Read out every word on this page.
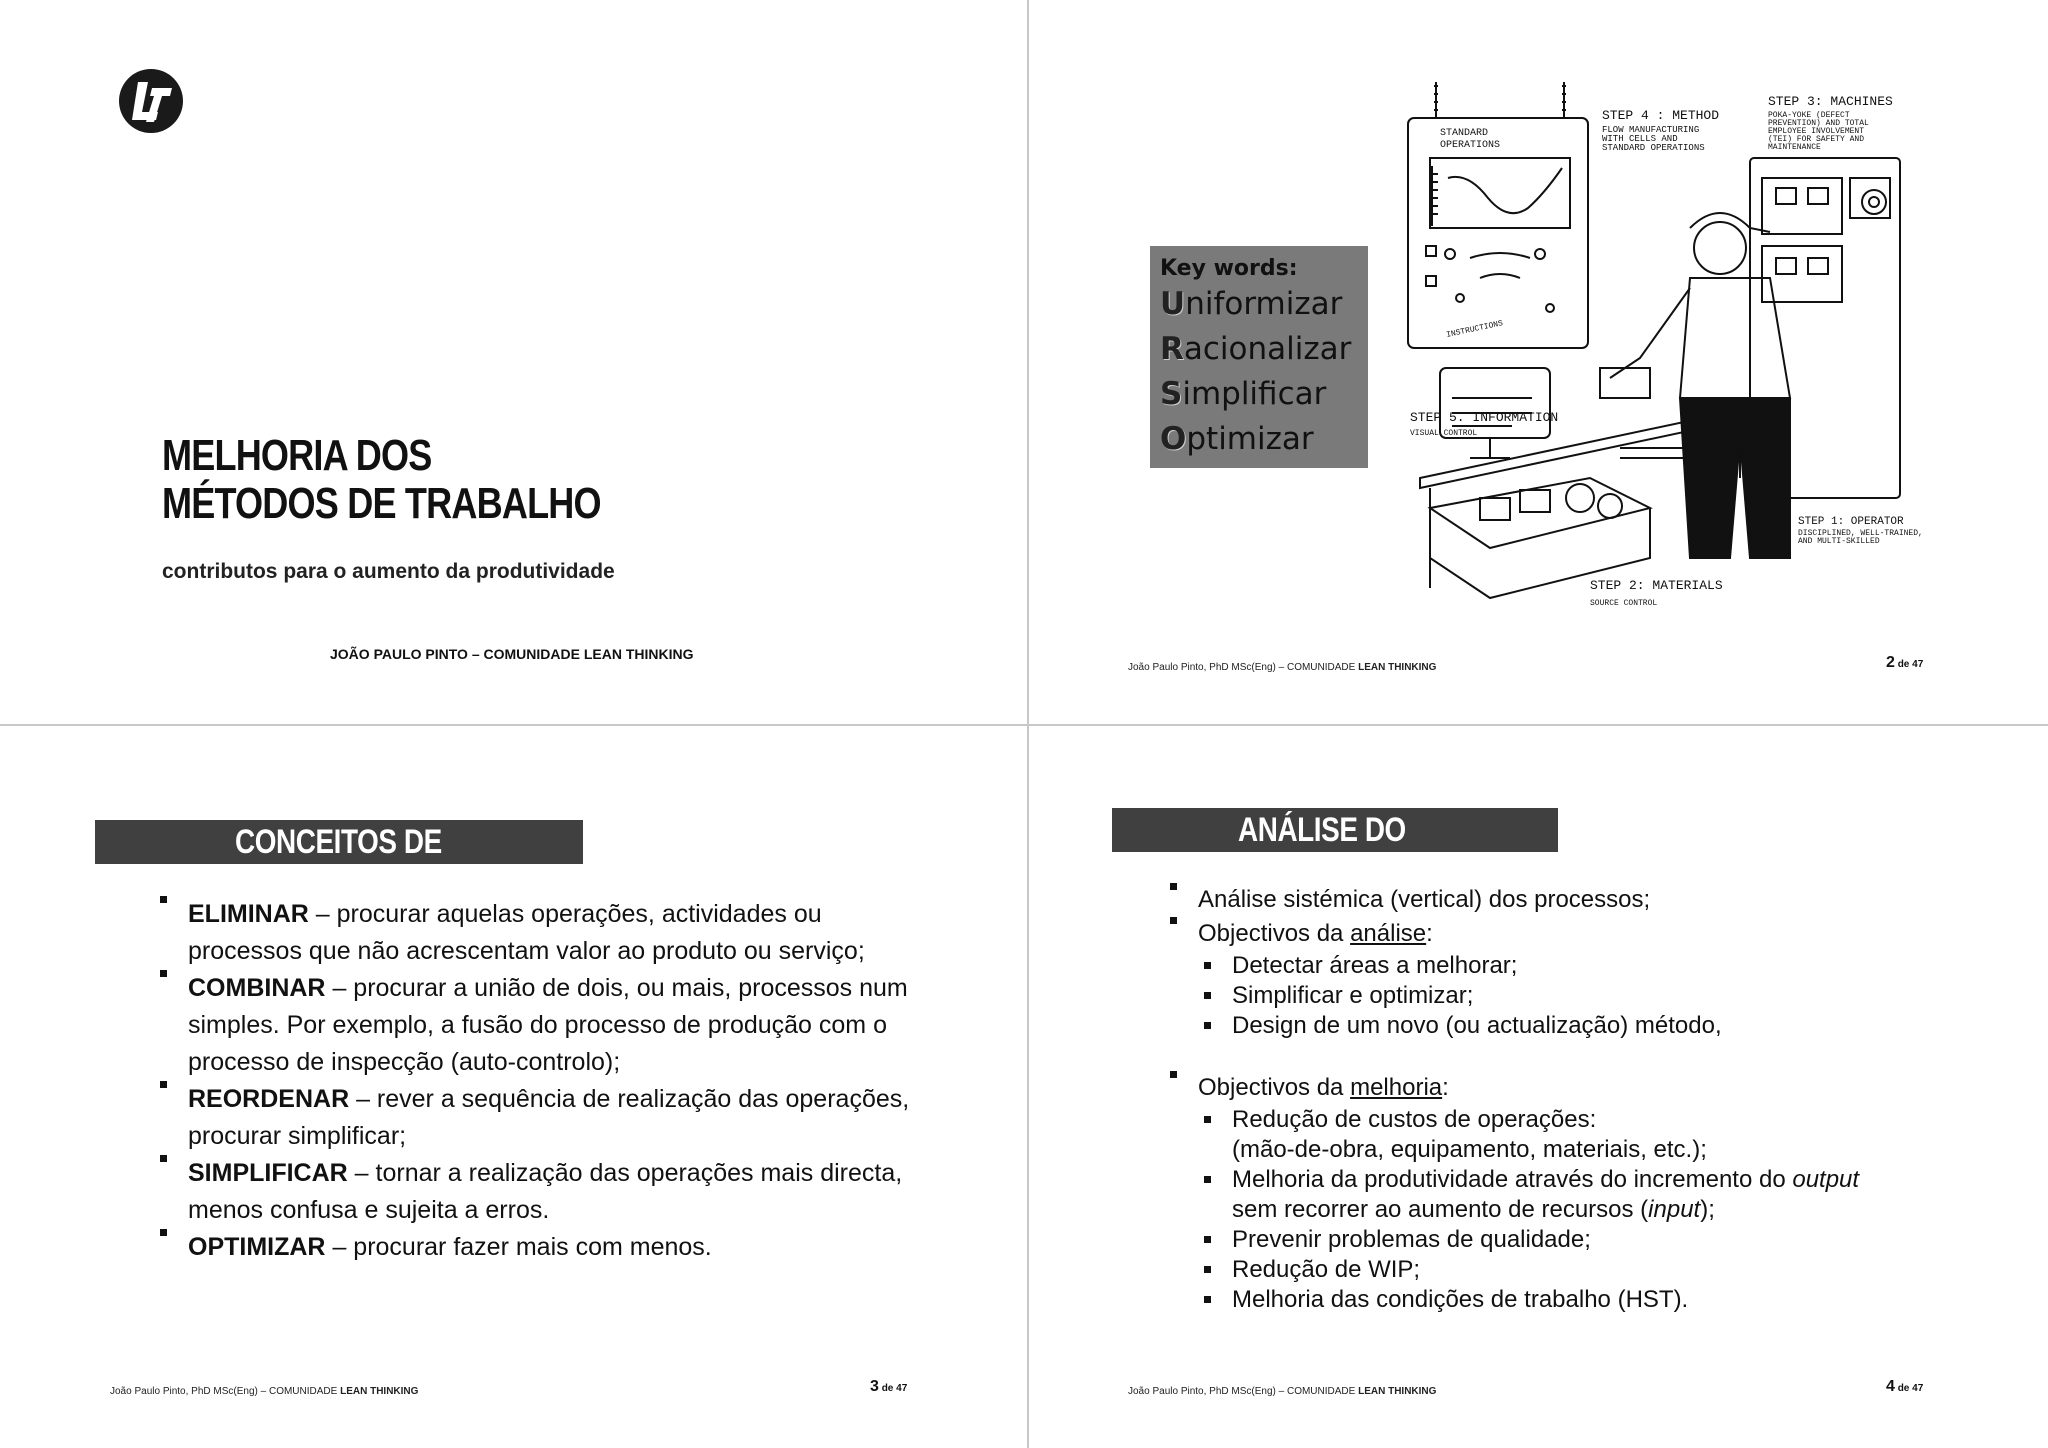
MELHORIA DOS
MÉTODOS DE TRABALHO
contributos para o aumento da produtividade
JOÃO PAULO PINTO – COMUNIDADE LEAN THINKING
Key words:
Uniformizar
Racionalizar
Simplificar
Optimizar
STANDARD
OPERATIONS
STEP 4 : METHOD
FLOW MANUFACTURING
WITH CELLS AND
STANDARD OPERATIONS
STEP 3: MACHINES
POKA-YOKE (DEFECT
PREVENTION) AND TOTAL
EMPLOYEE INVOLVEMENT
(TEI) FOR SAFETY AND
MAINTENANCE
INSTRUCTIONS
STEP 5. INFORMATION
VISUAL CONTROL
STEP 1: OPERATOR
DISCIPLINED, WELL-TRAINED,
AND MULTI-SKILLED
STEP 2: MATERIALS
SOURCE CONTROL
João Paulo Pinto, PhD MSc(Eng) – COMUNIDADE LEAN THINKING	2 de 47
CONCEITOS DE MELHORIA
ELIMINAR – procurar aquelas operações, actividades ou processos que não acrescentam valor ao produto ou serviço;
COMBINAR – procurar a união de dois, ou mais, processos num simples. Por exemplo, a fusão do processo de produção com o processo de inspecção (auto-controlo);
REORDENAR – rever a sequência de realização das operações, procurar simplificar;
SIMPLIFICAR – tornar a realização das operações mais directa, menos confusa e sujeita a erros.
OPTIMIZAR – procurar fazer mais com menos.
João Paulo Pinto, PhD MSc(Eng) – COMUNIDADE LEAN THINKING	3 de 47
ANÁLISE DO PROCESSO
Análise sistémica (vertical) dos processos;
Objectivos da análise:
Detectar áreas a melhorar;
Simplificar e optimizar;
Design de um novo (ou actualização) método,
Objectivos da melhoria:
Redução de custos de operações:
(mão-de-obra, equipamento, materiais, etc.);
Melhoria da produtividade através do incremento do output
sem recorrer ao aumento de recursos (input);
Prevenir problemas de qualidade;
Redução de WIP;
Melhoria das condições de trabalho (HST).
João Paulo Pinto, PhD MSc(Eng) – COMUNIDADE LEAN THINKING	4 de 47
